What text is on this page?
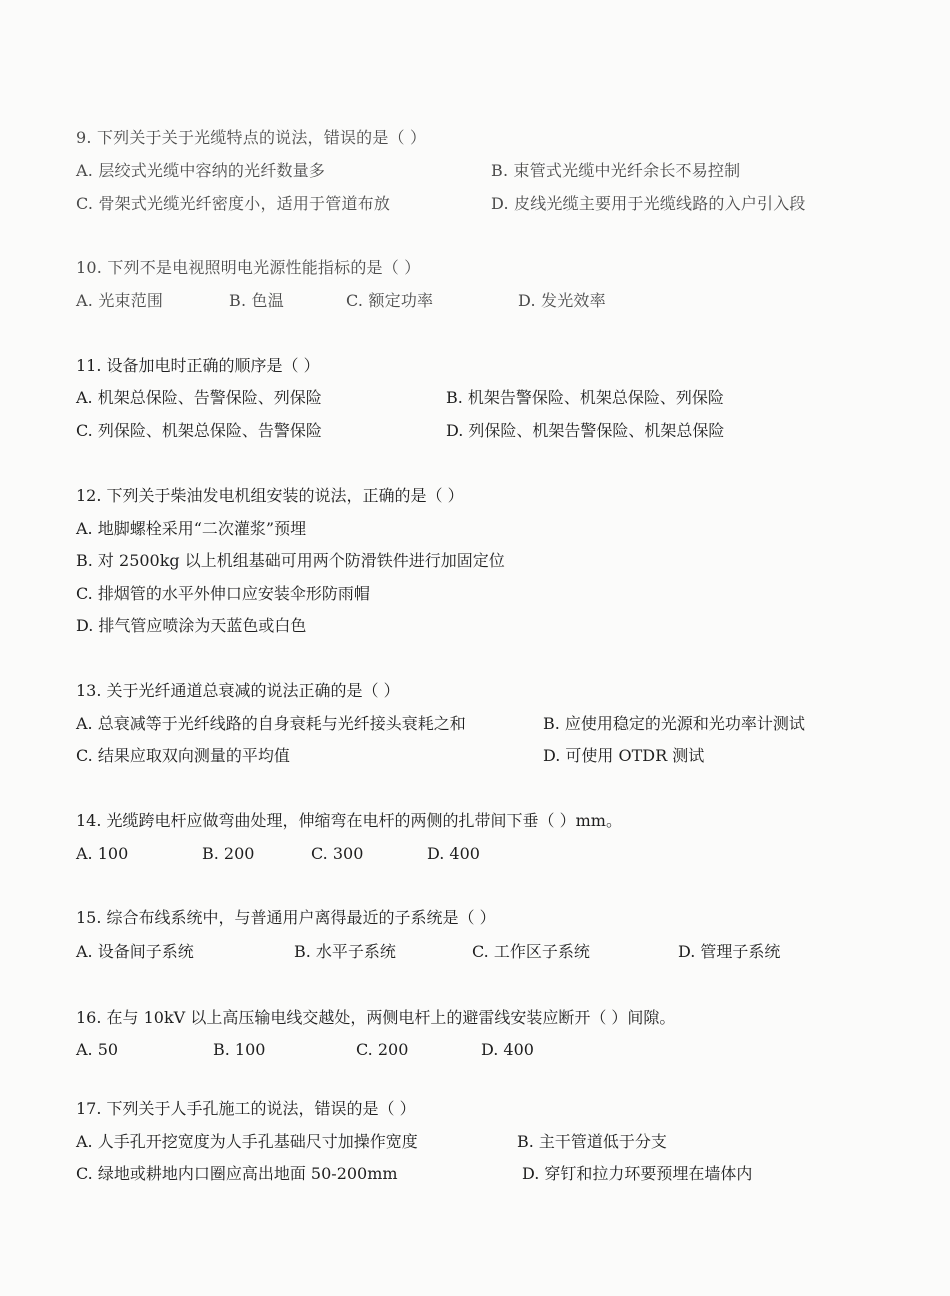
9. 下列关于关于光缆特点的说法，错误的是（ ）
A. 层绞式光缆中容纳的光纤数量多	B. 束管式光缆中光纤余长不易控制
C. 骨架式光缆光纤密度小，适用于管道布放	D. 皮线光缆主要用于光缆线路的入户引入段
10. 下列不是电视照明电光源性能指标的是（ ）
A. 光束范围	B. 色温	C. 额定功率	D. 发光效率
11. 设备加电时正确的顺序是（ ）
A. 机架总保险、告警保险、列保险	B. 机架告警保险、机架总保险、列保险
C. 列保险、机架总保险、告警保险	D. 列保险、机架告警保险、机架总保险
12. 下列关于柴油发电机组安装的说法，正确的是（ ）
A. 地脚螺栓采用“二次灌浆”预埋
B. 对 2500kg 以上机组基础可用两个防滑铁件进行加固定位
C. 排烟管的水平外伸口应安装伞形防雨帽
D. 排气管应喷涂为天蓝色或白色
13. 关于光纤通道总衰减的说法正确的是（ ）
A. 总衰减等于光纤线路的自身衰耗与光纤接头衰耗之和	B. 应使用稳定的光源和光功率计测试
C. 结果应取双向测量的平均值	D. 可使用 OTDR 测试
14. 光缆跨电杆应做弯曲处理，伸缩弯在电杆的两侧的扎带间下垂（ ）mm。
A. 100	B. 200	C. 300	D. 400
15. 综合布线系统中，与普通用户离得最近的子系统是（ ）
A. 设备间子系统	B. 水平子系统	C. 工作区子系统	D. 管理子系统
16. 在与 10kV 以上高压输电线交越处，两侧电杆上的避雷线安装应断开（ ）间隙。
A. 50	B. 100	C. 200	D. 400
17. 下列关于人手孔施工的说法，错误的是（ ）
A. 人手孔开挖宽度为人手孔基础尺寸加操作宽度	B. 主干管道低于分支
C. 绿地或耕地内口圈应高出地面 50-200mm	D. 穿钉和拉力环要预埋在墙体内
